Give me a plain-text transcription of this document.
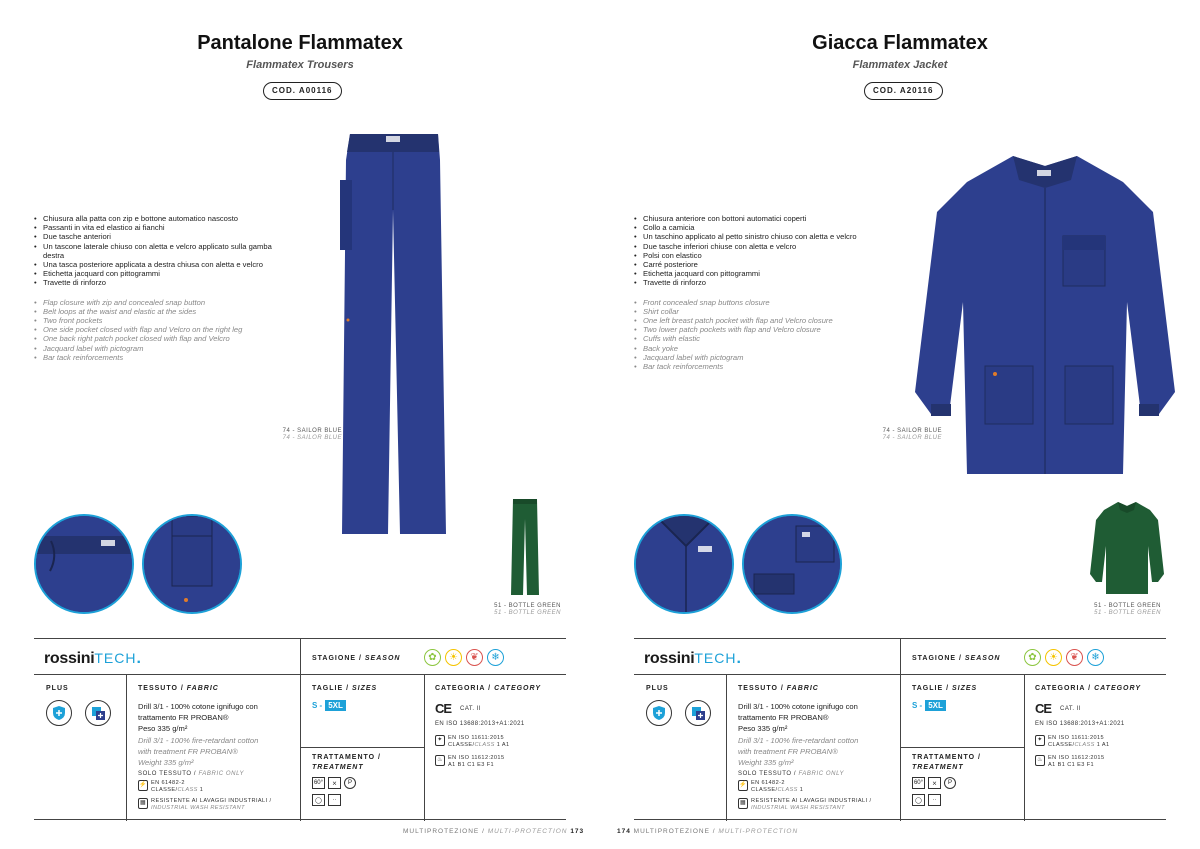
Pantalone Flammatex
Flammatex Trousers
COD. A00116
• Chiusura alla patta con zip e bottone automatico nascosto
• Passanti in vita ed elastico ai fianchi
• Due tasche anteriori
• Un tascone laterale chiuso con aletta e velcro applicato sulla gamba destra
• Una tasca posteriore applicata a destra chiusa con aletta e velcro
• Etichetta jacquard con pittogrammi
• Travette di rinforzo
• Flap closure with zip and concealed snap button
• Belt loops at the waist and elastic at the sides
• Two front pockets
• One side pocket closed with flap and Velcro on the right leg
• One back right patch pocket closed with flap and Velcro
• Jacquard label with pictogram
• Bar tack reinforcements
74 - SAILOR BLUE
74 - SAILOR BLUE
51 - BOTTLE GREEN
51 - BOTTLE GREEN
rossiniTECH.	STAGIONE / SEASON	✿	☀	❦	❄
PLUS	TESSUTO / FABRIC
Drill 3/1 - 100% cotone ignifugo con
trattamento FR PROBAN®
Peso 335 g/m²
Drill 3/1 - 100% fire-retardant cotton
with treatment FR PROBAN®
Weight 335 g/m²
SOLO TESSUTO / FABRIC ONLY
⚡ EN 61482-2
CLASSE/CLASS 1
▦ RESISTENTE AI LAVAGGI INDUSTRIALI /
INDUSTRIAL WASH RESISTANT
TAGLIE / SIZES
S - 5XL
TRATTAMENTO /
TREATMENT
60°	⨯	P
◯	··
CATEGORIA / CATEGORY
CE CAT. II
EN ISO 13688:2013+A1:2021
✦ EN ISO 11611:2015
CLASSE/CLASS 1 A1
♨ EN ISO 11612:2015
A1 B1 C1 E3 F1
MULTIPROTEZIONE / MULTI-PROTECTION 173
Giacca Flammatex
Flammatex Jacket
COD. A20116
• Chiusura anteriore con bottoni automatici coperti
• Collo a camicia
• Un taschino applicato al petto sinistro chiuso con aletta e velcro
• Due tasche inferiori chiuse con aletta e velcro
• Polsi con elastico
• Carré posteriore
• Etichetta jacquard con pittogrammi
• Travette di rinforzo
• Front concealed snap buttons closure
• Shirt collar
• One left breast patch pocket with flap and Velcro closure
• Two lower patch pockets with flap and Velcro closure
• Cuffs with elastic
• Back yoke
• Jacquard label with pictogram
• Bar tack reinforcements
74 - SAILOR BLUE
74 - SAILOR BLUE
51 - BOTTLE GREEN
51 - BOTTLE GREEN
rossiniTECH.	STAGIONE / SEASON	✿	☀	❦	❄
PLUS	TESSUTO / FABRIC
Drill 3/1 - 100% cotone ignifugo con
trattamento FR PROBAN®
Peso 335 g/m²
Drill 3/1 - 100% fire-retardant cotton
with treatment FR PROBAN®
Weight 335 g/m²
SOLO TESSUTO / FABRIC ONLY
⚡ EN 61482-2
CLASSE/CLASS 1
▦ RESISTENTE AI LAVAGGI INDUSTRIALI /
INDUSTRIAL WASH RESISTANT
TAGLIE / SIZES
S - 5XL
TRATTAMENTO /
TREATMENT
60°	⨯	P
◯	··
CATEGORIA / CATEGORY
CE CAT. II
EN ISO 13688:2013+A1:2021
✦ EN ISO 11611:2015
CLASSE/CLASS 1 A1
♨ EN ISO 11612:2015
A1 B1 C1 E3 F1
174 MULTIPROTEZIONE / MULTI-PROTECTION
